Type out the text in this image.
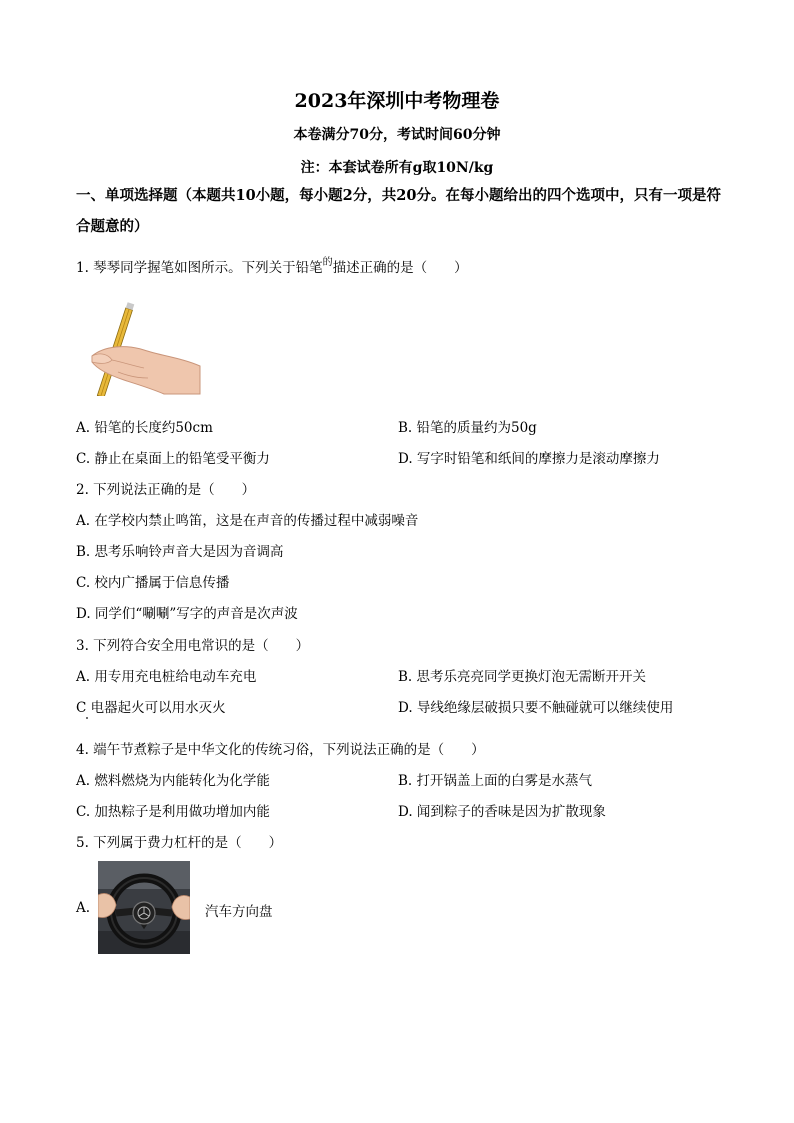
2023年深圳中考物理卷
本卷满分70分，考试时间60分钟
注：本套试卷所有g取10N/kg
一、单项选择题（本题共10小题，每小题2分，共20分。在每小题给出的四个选项中，只有一项是符合题意的）
1. 琴琴同学握笔如图所示。下列关于铅笔$^的$描述正确的是（　　）
A. 铅笔的长度约50cm	B. 铅笔的质量约为50g
C. 静止在桌面上的铅笔受平衡力	D. 写字时铅笔和纸间的摩擦力是滚动摩擦力
2. 下列说法正确的是（　　）
A. 在学校内禁止鸣笛，这是在声音的传播过程中减弱噪音
B. 思考乐响铃声音大是因为音调高
C. 校内广播属于信息传播
D. 同学们“唰唰”写字的声音是次声波
3. 下列符合安全用电常识的是（　　）
A. 用专用充电桩给电动车充电	B. 思考乐亮亮同学更换灯泡无需断开开关
C 电器起火可以用水灭火	D. 导线绝缘层破损只要不触碰就可以继续使用
4. 端午节煮粽子是中华文化的传统习俗，下列说法正确的是（　　）
A. 燃料燃烧为内能转化为化学能	B. 打开锅盖上面的白雾是水蒸气
C. 加热粽子是利用做功增加内能	D. 闻到粽子的香味是因为扩散现象
5. 下列属于费力杠杆的是（　　）
A.	汽车方向盘
